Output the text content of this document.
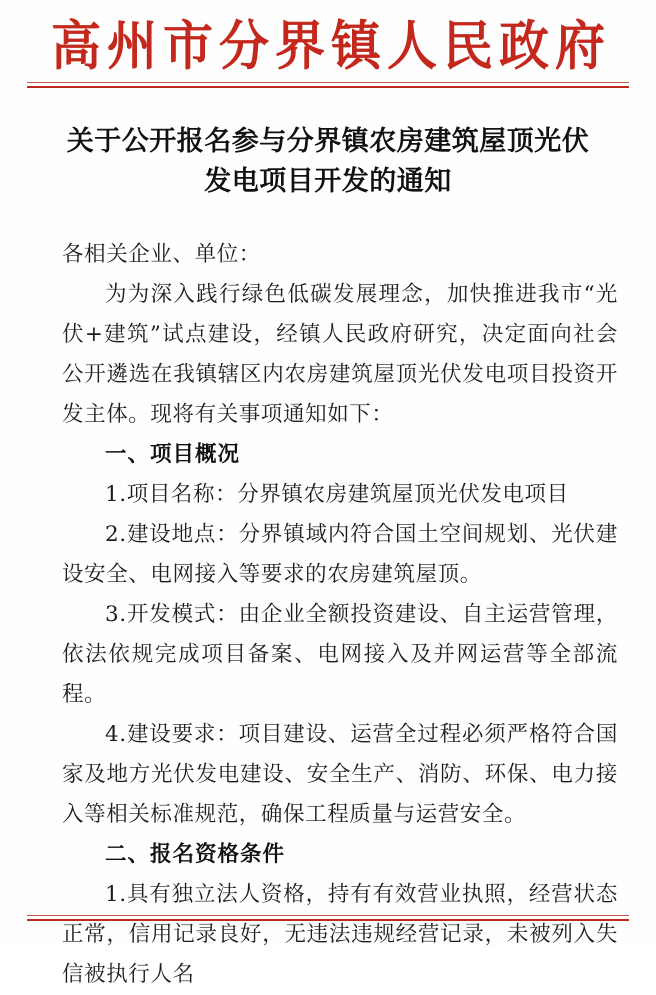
高州市分界镇人民政府
关于公开报名参与分界镇农房建筑屋顶光伏发电项目开发的通知

各相关企业、单位：

为为深入践行绿色低碳发展理念，加快推进我市“光伏+建筑”试点建设，经镇人民政府研究，决定面向社会公开遴选在我镇辖区内农房建筑屋顶光伏发电项目投资开发主体。现将有关事项通知如下：

一、项目概况

1.项目名称：分界镇农房建筑屋顶光伏发电项目

2.建设地点：分界镇域内符合国土空间规划、光伏建设安全、电网接入等要求的农房建筑屋顶。

3.开发模式：由企业全额投资建设、自主运营管理，依法依规完成项目备案、电网接入及并网运营等全部流程。

4.建设要求：项目建设、运营全过程必须严格符合国家及地方光伏发电建设、安全生产、消防、环保、电力接入等相关标准规范，确保工程质量与运营安全。

二、报名资格条件

1.具有独立法人资格，持有有效营业执照，经营状态正常，信用记录良好，无违法违规经营记录，未被列入失信被执行人名
